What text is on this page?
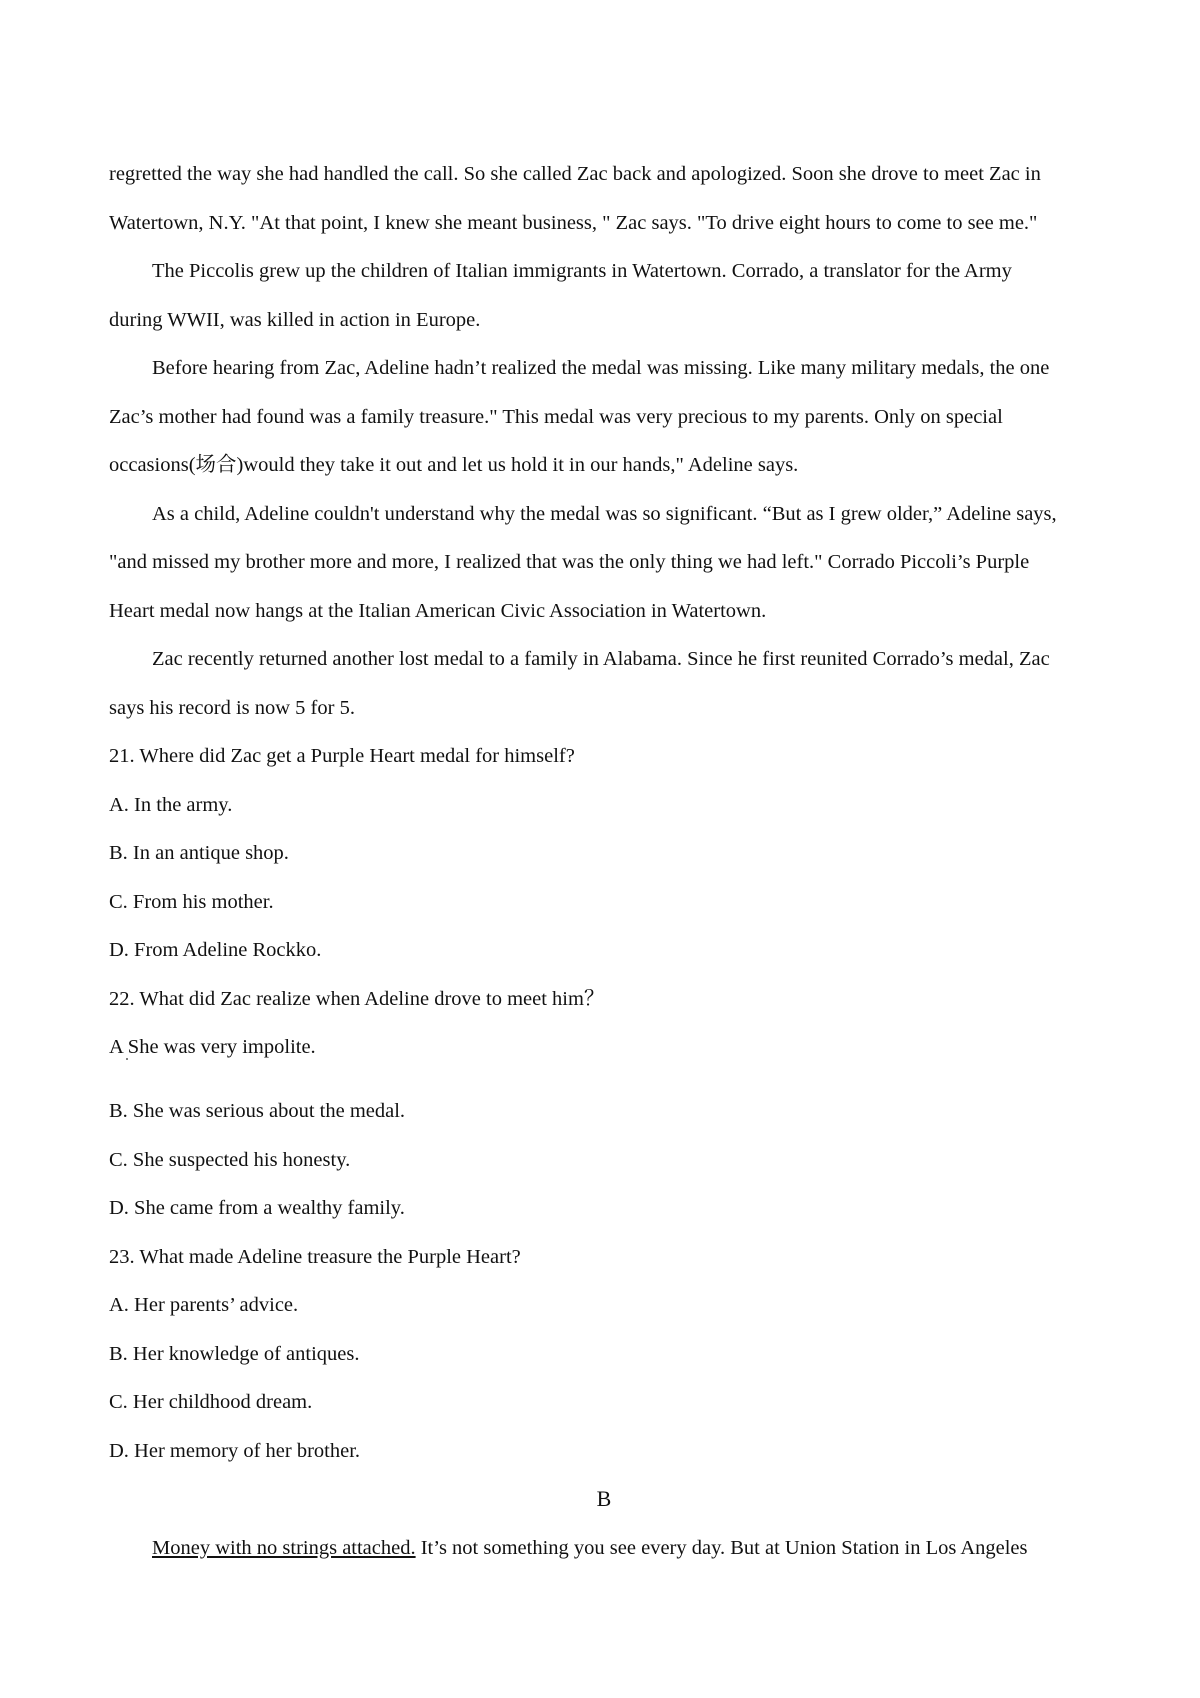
regretted the way she had handled the call. So she called Zac back and apologized. Soon she drove to meet Zac in
Watertown, N.Y. "At that point, I knew she meant business, " Zac says. "To drive eight hours to come to see me."
The Piccolis grew up the children of Italian immigrants in Watertown. Corrado, a translator for the Army
during WWII, was killed in action in Europe.
Before hearing from Zac, Adeline hadn’t realized the medal was missing. Like many military medals, the one
Zac’s mother had found was a family treasure." This medal was very precious to my parents. Only on special
occasions(场合)would they take it out and let us hold it in our hands," Adeline says.
As a child, Adeline couldn't understand why the medal was so significant. “But as I grew older,” Adeline says,
"and missed my brother more and more, I realized that was the only thing we had left." Corrado Piccoli’s Purple
Heart medal now hangs at the Italian American Civic Association in Watertown.
Zac recently returned another lost medal to a family in Alabama. Since he first reunited Corrado’s medal, Zac
says his record is now 5 for 5.
21. Where did Zac get a Purple Heart medal for himself?
A. In the army.
B. In an antique shop.
C. From his mother.
D. From Adeline Rockko.
22. What did Zac realize when Adeline drove to meet him？
A She was very impolite.
B. She was serious about the medal.
C. She suspected his honesty.
D. She came from a wealthy family.
23. What made Adeline treasure the Purple Heart?
A. Her parents’ advice.
B. Her knowledge of antiques.
C. Her childhood dream.
D. Her memory of her brother.
B
Money with no strings attached. It’s not something you see every day. But at Union Station in Los Angeles
